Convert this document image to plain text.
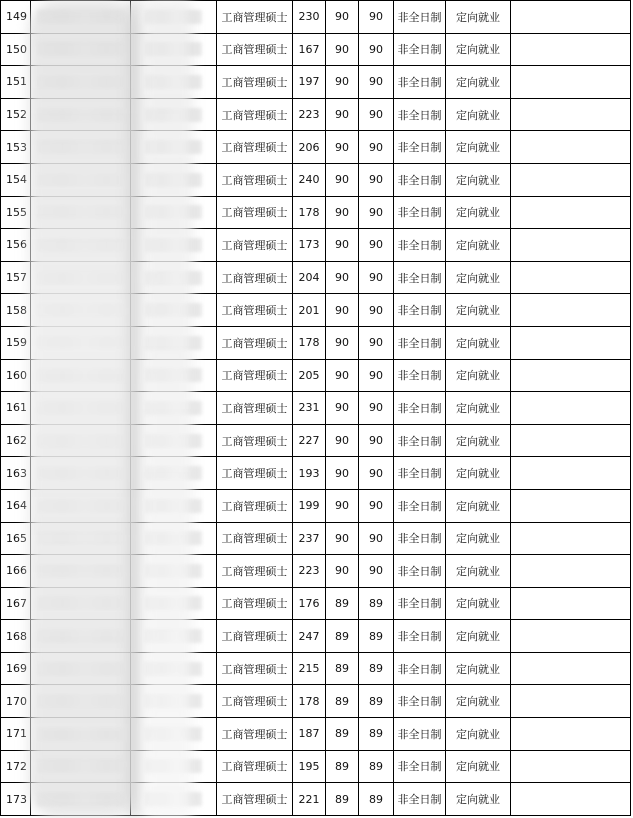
149			工商管理硕士	230	90	90	非全日制	定向就业	
150			工商管理硕士	167	90	90	非全日制	定向就业	
151			工商管理硕士	197	90	90	非全日制	定向就业	
152			工商管理硕士	223	90	90	非全日制	定向就业	
153			工商管理硕士	206	90	90	非全日制	定向就业	
154			工商管理硕士	240	90	90	非全日制	定向就业	
155			工商管理硕士	178	90	90	非全日制	定向就业	
156			工商管理硕士	173	90	90	非全日制	定向就业	
157			工商管理硕士	204	90	90	非全日制	定向就业	
158			工商管理硕士	201	90	90	非全日制	定向就业	
159			工商管理硕士	178	90	90	非全日制	定向就业	
160			工商管理硕士	205	90	90	非全日制	定向就业	
161			工商管理硕士	231	90	90	非全日制	定向就业	
162			工商管理硕士	227	90	90	非全日制	定向就业	
163			工商管理硕士	193	90	90	非全日制	定向就业	
164			工商管理硕士	199	90	90	非全日制	定向就业	
165			工商管理硕士	237	90	90	非全日制	定向就业	
166			工商管理硕士	223	90	90	非全日制	定向就业	
167			工商管理硕士	176	89	89	非全日制	定向就业	
168			工商管理硕士	247	89	89	非全日制	定向就业	
169			工商管理硕士	215	89	89	非全日制	定向就业	
170			工商管理硕士	178	89	89	非全日制	定向就业	
171			工商管理硕士	187	89	89	非全日制	定向就业	
172			工商管理硕士	195	89	89	非全日制	定向就业	
173			工商管理硕士	221	89	89	非全日制	定向就业	
